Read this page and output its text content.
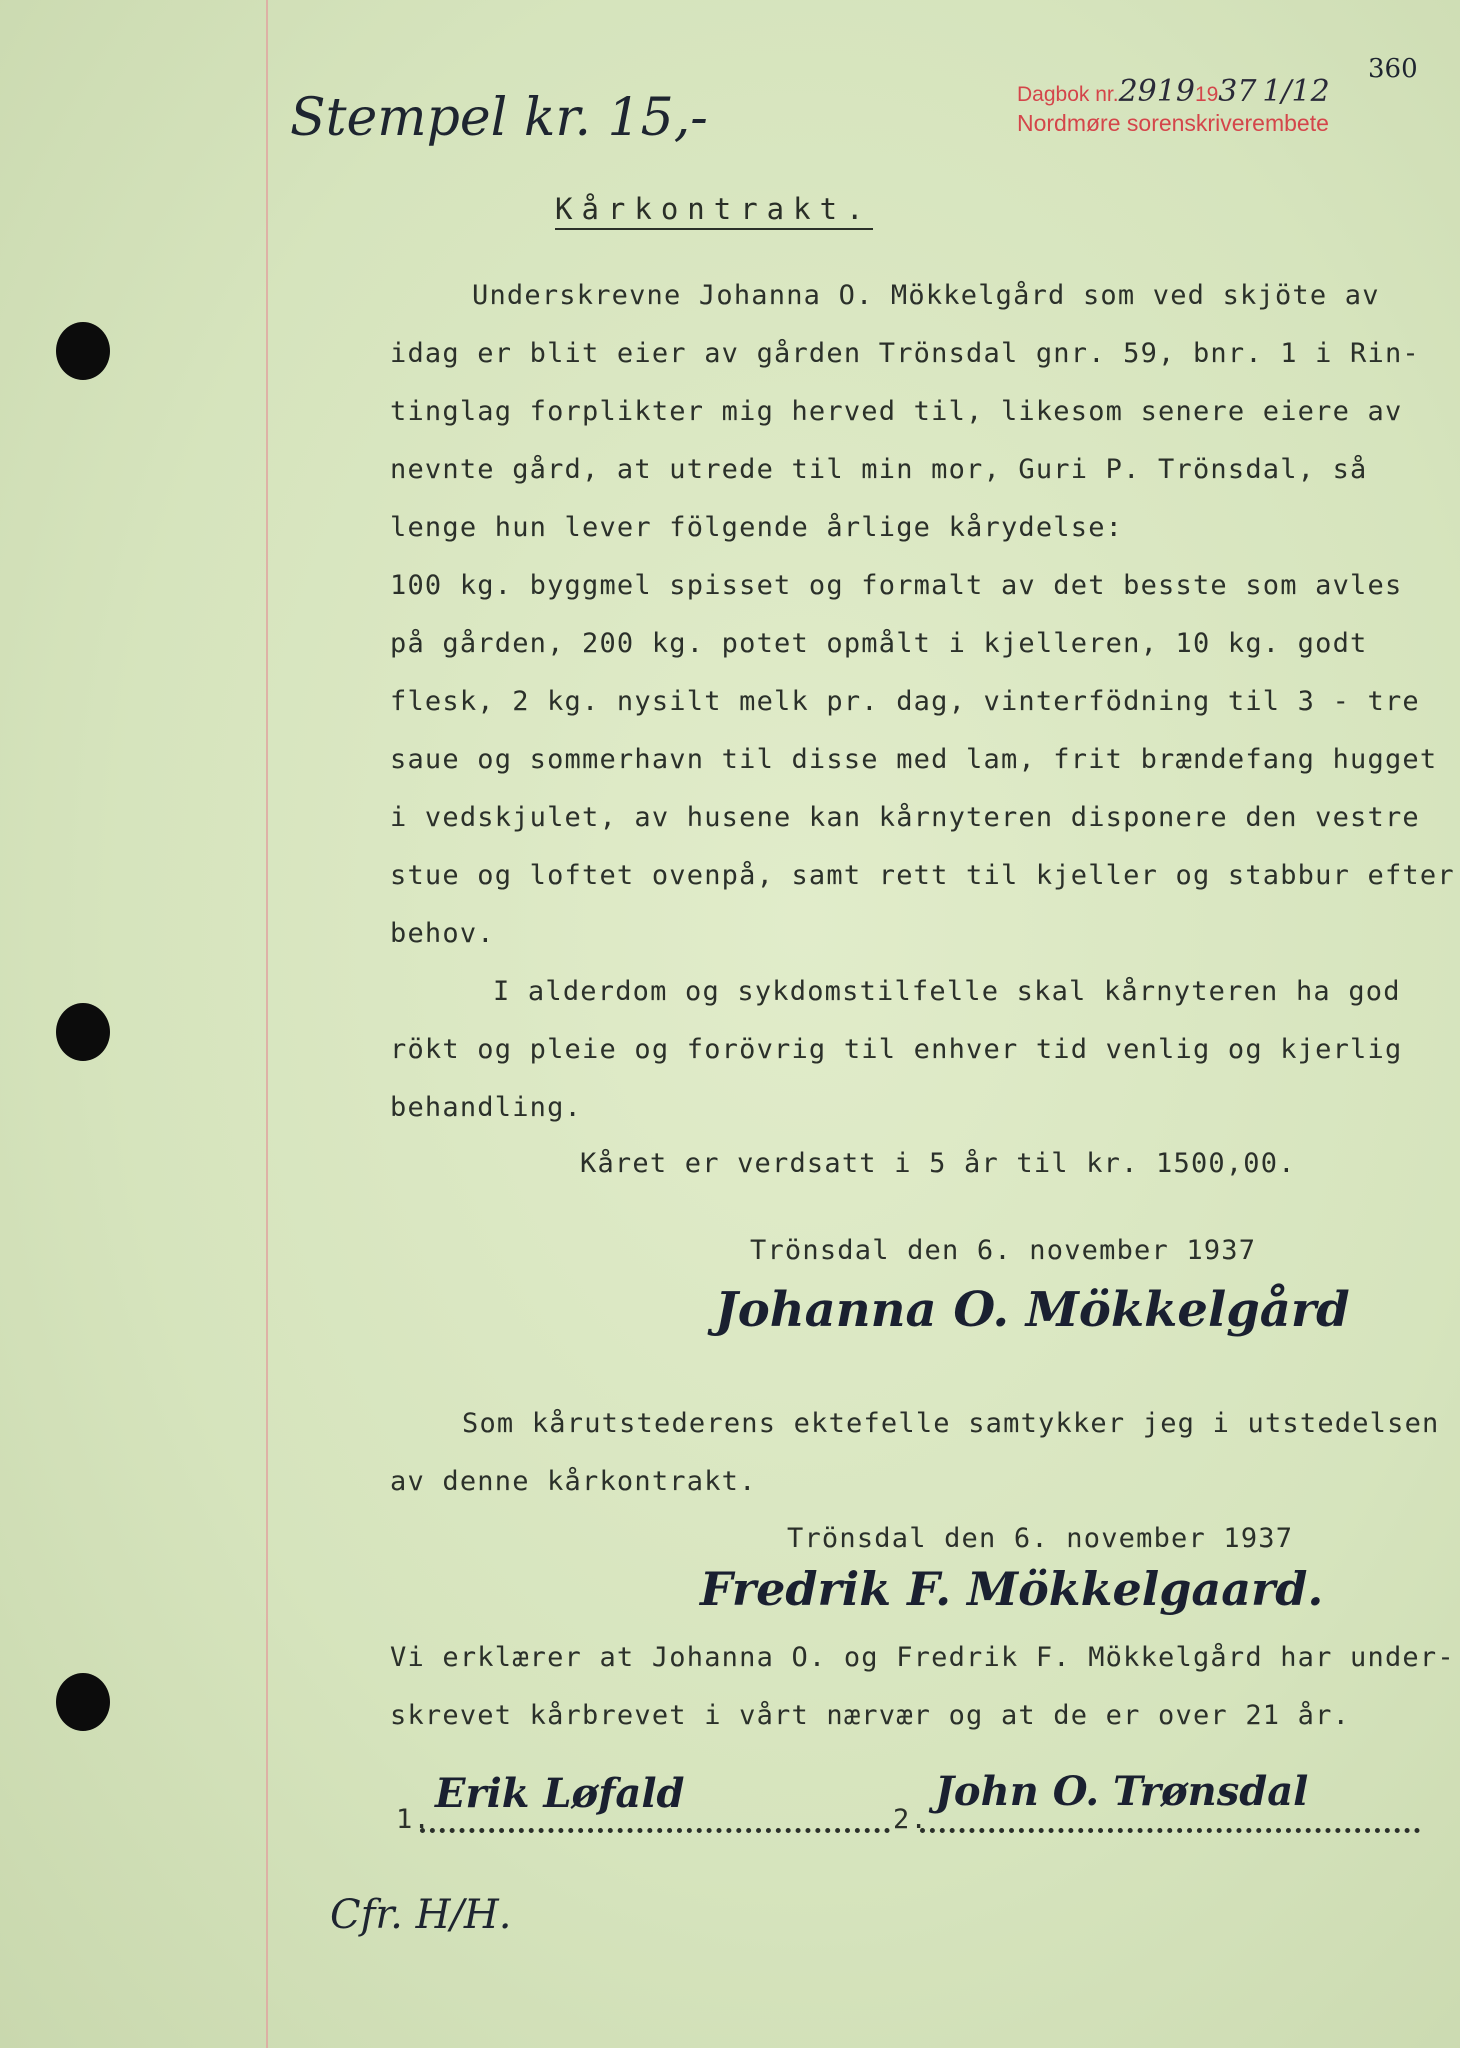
Stempel kr. 15,-	Dagbok nr.29191937 1/12
360
Nordmøre sorenskriverembete
Kårkontrakt.
Underskrevne Johanna O. Mökkelgård som ved skjöte av
idag er blit eier av gården Trönsdal gnr. 59, bnr. 1 i Rin-
tinglag forplikter mig herved til, likesom senere eiere av
nevnte gård, at utrede til min mor, Guri P. Trönsdal, så
lenge hun lever fölgende årlige kårydelse:
100 kg. byggmel spisset og formalt av det besste som avles
på gården, 200 kg. potet opmålt i kjelleren, 10 kg. godt
flesk, 2 kg. nysilt melk pr. dag, vinterfödning til 3 - tre
saue og sommerhavn til disse med lam, frit brændefang hugget
i vedskjulet, av husene kan kårnyteren disponere den vestre
stue og loftet ovenpå, samt rett til kjeller og stabbur efter
behov.
I alderdom og sykdomstilfelle skal kårnyteren ha god
rökt og pleie og forövrig til enhver tid venlig og kjerlig
behandling.
Kåret er verdsatt i 5 år til kr. 1500,00.
Trönsdal den 6. november 1937
Johanna O. Mökkelgård
Som kårutstederens ektefelle samtykker jeg i utstedelsen
av denne kårkontrakt.
Trönsdal den 6. november 1937
Fredrik F. Mökkelgaard.
Vi erklærer at Johanna O. og Fredrik F. Mökkelgård har under-
skrevet kårbrevet i vårt nærvær og at de er over 21 år.
1.
Erik Løfald
2.
John O. Trønsdal
Cfr. H/H.
